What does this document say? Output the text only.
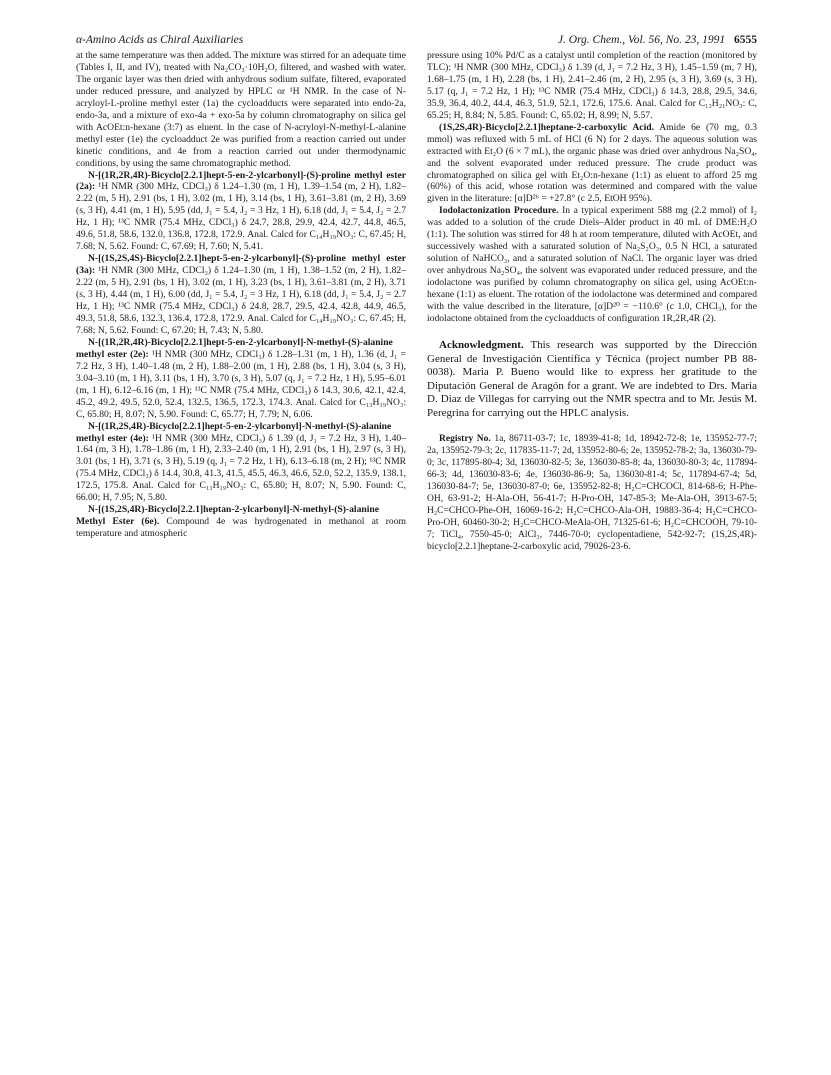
α-Amino Acids as Chiral Auxiliaries	J. Org. Chem., Vol. 56, No. 23, 1991 6555

at the same temperature was then added. The mixture was stirred for an adequate time (Tables I, II, and IV), treated with Na₂CO₃·10H₂O, filtered, and washed with water. The organic layer was then dried with anhydrous sodium sulfate, filtered, evaporated under reduced pressure, and analyzed by HPLC or ¹H NMR. In the case of N-acryloyl-L-proline methyl ester (1a) the cycloadducts were separated into endo-2a, endo-3a, and a mixture of exo-4a + exo-5a by column chromatography on silica gel with AcOEt:n-hexane (3:7) as eluent. In the case of N-acryloyl-N-methyl-L-alanine methyl ester (1e) the cycloadduct 2e was purified from a reaction carried out under kinetic conditions, and 4e from a reaction carried out under thermodynamic conditions, by using the same chromatographic method.

N-[(1R,2R,4R)-Bicyclo[2.2.1]hept-5-en-2-ylcarbonyl]-(S)-proline methyl ester (2a): ¹H NMR (300 MHz, CDCl₃) δ 1.24–1.30 (m, 1 H), 1.39–1.54 (m, 2 H), 1.82–2.22 (m, 5 H), 2.91 (bs, 1 H), 3.02 (m, 1 H), 3.14 (bs, 1 H), 3.61–3.81 (m, 2 H), 3.69 (s, 3 H), 4.41 (m, 1 H), 5.95 (dd, J₁ = 5.4, J₂ = 3 Hz, 1 H), 6.18 (dd, J₁ = 5.4, J₂ = 2.7 Hz, 1 H); ¹³C NMR (75.4 MHz, CDCl₃) δ 24.7, 28.8, 29.9, 42.4, 42.7, 44.8, 46.5, 49.6, 51.8, 58.6, 132.0, 136.8, 172.8, 172.9. Anal. Calcd for C₁₄H₁₉NO₃: C, 67.45; H, 7.68; N, 5.62. Found: C, 67.69; H, 7.60; N, 5.41.

N-[(1S,2S,4S)-Bicyclo[2.2.1]hept-5-en-2-ylcarbonyl]-(S)-proline methyl ester (3a): ¹H NMR (300 MHz, CDCl₃) δ 1.24–1.30 (m, 1 H), 1.38–1.52 (m, 2 H), 1.82–2.22 (m, 5 H), 2.91 (bs, 1 H), 3.02 (m, 1 H), 3.23 (bs, 1 H), 3.61–3.81 (m, 2 H), 3.71 (s, 3 H), 4.44 (m, 1 H), 6.00 (dd, J₁ = 5.4, J₂ = 3 Hz, 1 H), 6.18 (dd, J₁ = 5.4, J₂ = 2.7 Hz, 1 H); ¹³C NMR (75.4 MHz, CDCl₃) δ 24.8, 28.7, 29.5, 42.4, 42.8, 44.9, 46.5, 49.3, 51.8, 58.6, 132.3, 136.4, 172.8, 172.9. Anal. Calcd for C₁₄H₁₉NO₃: C, 67.45; H, 7.68; N, 5.62. Found: C, 67.20; H, 7.43; N, 5.80.

N-[(1R,2R,4R)-Bicyclo[2.2.1]hept-5-en-2-ylcarbonyl]-N-methyl-(S)-alanine methyl ester (2e): ¹H NMR (300 MHz, CDCl₃) δ 1.28–1.31 (m, 1 H), 1.36 (d, J₁ = 7.2 Hz, 3 H), 1.40–1.48 (m, 2 H), 1.88–2.00 (m, 1 H), 2.88 (bs, 1 H), 3.04 (s, 3 H), 3.04–3.10 (m, 1 H), 3.11 (bs, 1 H), 3.70 (s, 3 H), 5.07 (q, J₁ = 7.2 Hz, 1 H), 5.95–6.01 (m, 1 H), 6.12–6.16 (m, 1 H); ¹³C NMR (75.4 MHz, CDCl₃) δ 14.3, 30.6, 42.1, 42.4, 45.2, 49.2, 49.5, 52.0, 52.4, 132.5, 136.5, 172.3, 174.3. Anal. Calcd for C₁₃H₁₉NO₃: C, 65.80; H, 8.07; N, 5.90. Found: C, 65.77; H, 7.79; N, 6.06.

N-[(1R,2S,4R)-Bicyclo[2.2.1]hept-5-en-2-ylcarbonyl]-N-methyl-(S)-alanine methyl ester (4e): ¹H NMR (300 MHz, CDCl₃) δ 1.39 (d, J₁ = 7.2 Hz, 3 H), 1.40–1.64 (m, 3 H), 1.78–1.86 (m, 1 H), 2.33–2.40 (m, 1 H), 2.91 (bs, 1 H), 2.97 (s, 3 H), 3.01 (bs, 1 H), 3.71 (s, 3 H), 5.19 (q, J₁ = 7.2 Hz, 1 H), 6.13–6.18 (m, 2 H); ¹³C NMR (75.4 MHz, CDCl₃) δ 14.4, 30.8, 41.3, 41.5, 45.5, 46.3, 46.6, 52.0, 52.2, 135.9, 138.1, 172.5, 175.8. Anal. Calcd for C₁₃H₁₉NO₃: C, 65.80; H, 8.07; N, 5.90. Found: C, 66.00; H, 7.95; N, 5.80.

N-[(1S,2S,4R)-Bicyclo[2.2.1]heptan-2-ylcarbonyl]-N-methyl-(S)-alanine Methyl Ester (6e). Compound 4e was hydrogenated in methanol at room temperature and atmospheric

pressure using 10% Pd/C as a catalyst until completion of the reaction (monitored by TLC): ¹H NMR (300 MHz, CDCl₃) δ 1.39 (d, J₁ = 7.2 Hz, 3 H), 1.45–1.59 (m, 7 H), 1.68–1.75 (m, 1 H), 2.28 (bs, 1 H), 2.41–2.46 (m, 2 H), 2.95 (s, 3 H), 3.69 (s, 3 H), 5.17 (q, J₁ = 7.2 Hz, 1 H); ¹³C NMR (75.4 MHz, CDCl₃) δ 14.3, 28.8, 29.5, 34.6, 35.9, 36.4, 40.2, 44.4, 46.3, 51.9, 52.1, 172.6, 175.6. Anal. Calcd for C₁₃H₂₁NO₃: C, 65.25; H, 8.84; N, 5.85. Found: C, 65.02; H, 8.99; N, 5.57.

(1S,2S,4R)-Bicyclo[2.2.1]heptane-2-carboxylic Acid. Amide 6e (70 mg, 0.3 mmol) was refluxed with 5 mL of HCl (6 N) for 2 days. The aqueous solution was extracted with Et₂O (6 × 7 mL), the organic phase was dried over anhydrous Na₂SO₄, and the solvent evaporated under reduced pressure. The crude product was chromatographed on silica gel with Et₂O:n-hexane (1:1) as eluent to afford 25 mg (60%) of this acid, whose rotation was determined and compared with the value given in the literature: [α]D²⁶ = +27.8° (c 2.5, EtOH 95%).

Iodolactonization Procedure. In a typical experiment 588 mg (2.2 mmol) of I₂ was added to a solution of the crude Diels–Alder product in 40 mL of DME:H₂O (1:1). The solution was stirred for 48 h at room temperature, diluted with AcOEt, and successively washed with a saturated solution of Na₂S₂O₃, 0.5 N HCl, a saturated solution of NaHCO₃, and a saturated solution of NaCl. The organic layer was dried over anhydrous Na₂SO₄, the solvent was evaporated under reduced pressure, and the iodolactone was purified by column chromatography on silica gel, using AcOEt:n-hexane (1:1) as eluent. The rotation of the iodolactone was determined and compared with the value described in the literature, [α]D²⁰ = −110.6° (c 1.0, CHCl₃), for the iodolactone obtained from the cycloadducts of configuration 1R,2R,4R (2).

Acknowledgment. This research was supported by the Dirección General de Investigación Científica y Técnica (project number PB 88-0038). Maria P. Bueno would like to express her gratitude to the Diputación General de Aragón for a grant. We are indebted to Drs. Maria D. Diaz de Villegas for carrying out the NMR spectra and to Mr. Jesús M. Peregrina for carrying out the HPLC analysis.

Registry No. 1a, 86711-03-7; 1c, 18939-41-8; 1d, 18942-72-8; 1e, 135952-77-7; 2a, 135952-79-3; 2c, 117835-11-7; 2d, 135952-80-6; 2e, 135952-78-2; 3a, 136030-79-0; 3c, 117895-80-4; 3d, 136030-82-5; 3e, 136030-85-8; 4a, 136030-80-3; 4c, 117894-66-3; 4d, 136030-83-6; 4e, 136030-86-9; 5a, 136030-81-4; 5c, 117894-67-4; 5d, 136030-84-7; 5e, 136030-87-0; 6e, 135952-82-8; H₂C=CHCOCl, 814-68-6; H-Phe-OH, 63-91-2; H-Ala-OH, 56-41-7; H-Pro-OH, 147-85-3; Me-Ala-OH, 3913-67-5; H₂C=CHCO-Phe-OH, 16069-16-2; H₂C=CHCO-Ala-OH, 19883-36-4; H₂C=CHCO-Pro-OH, 60460-30-2; H₂C=CHCO-MeAla-OH, 71325-61-6; H₂C=CHCOOH, 79-10-7; TiCl₄, 7550-45-0; AlCl₃, 7446-70-0; cyclopentadiene, 542-92-7; (1S,2S,4R)-bicyclo[2.2.1]heptane-2-carboxylic acid, 79026-23-6.
